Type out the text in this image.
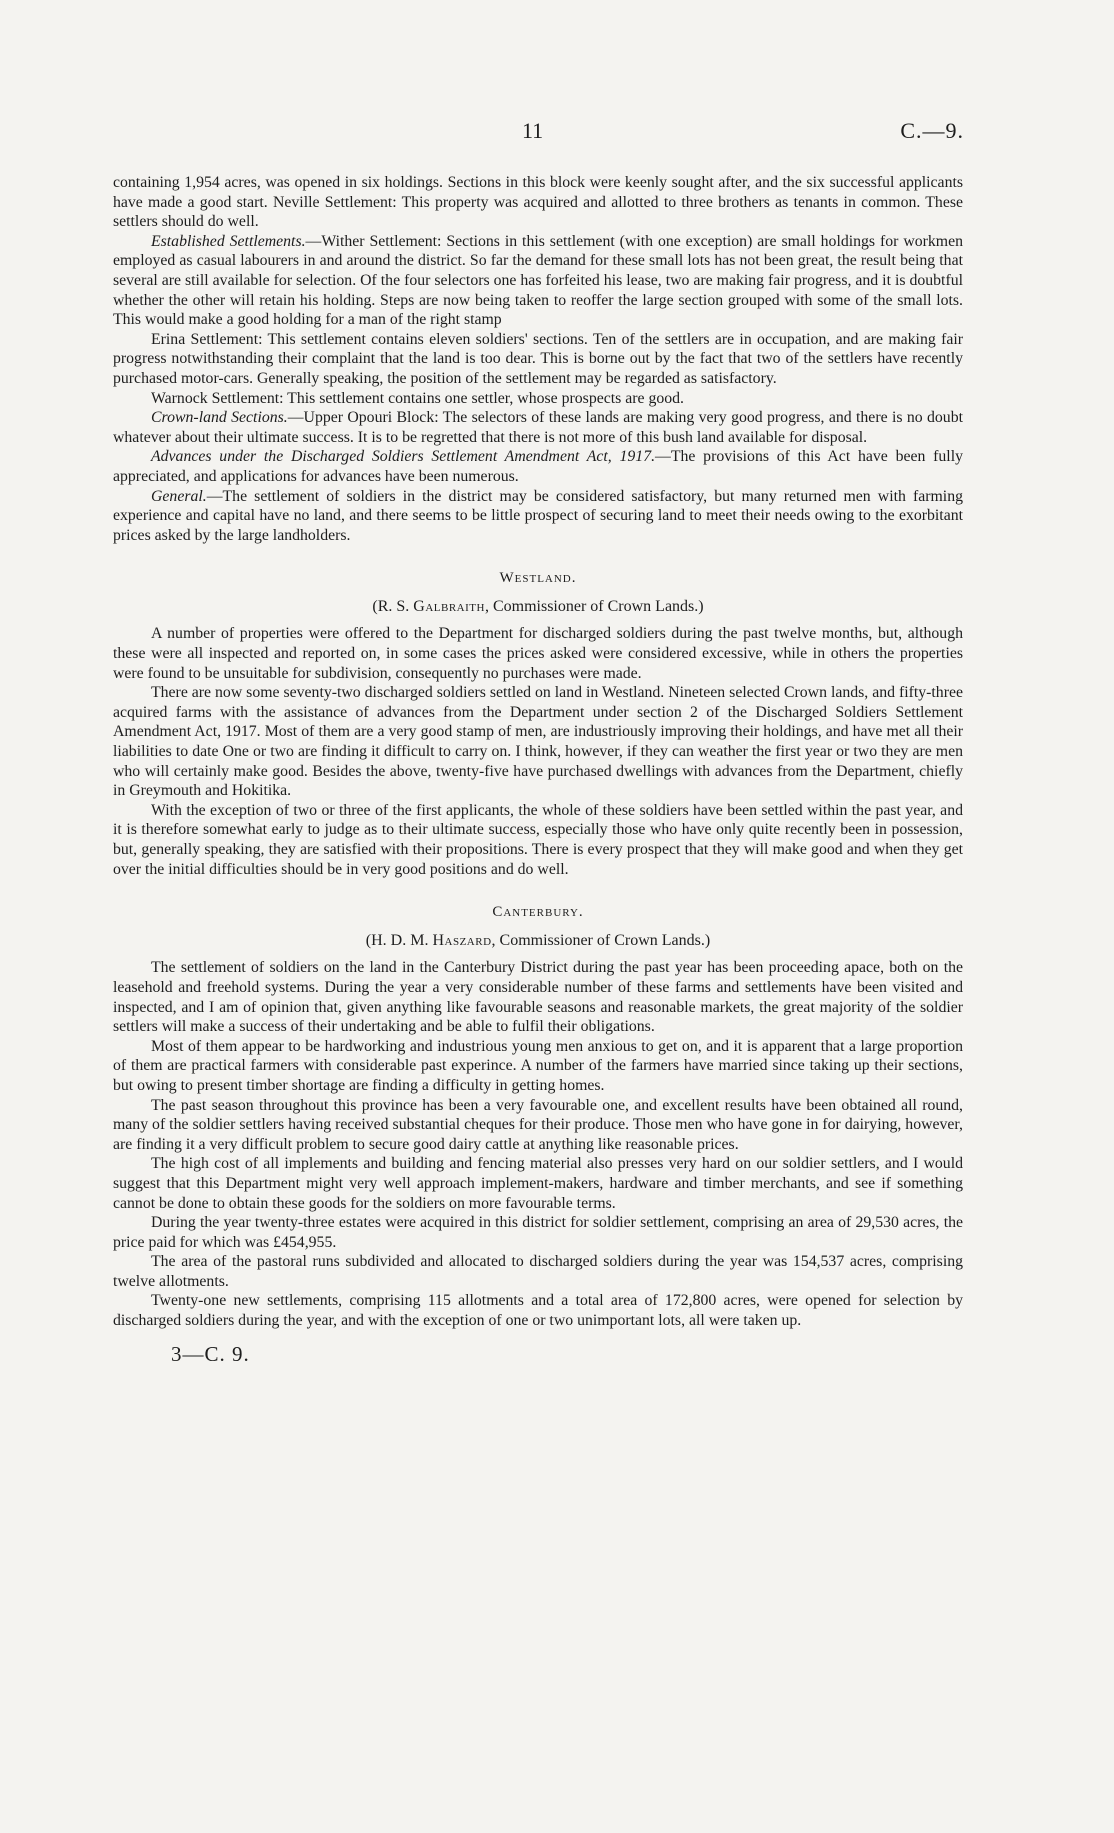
11	C.—9.

containing 1,954 acres, was opened in six holdings. Sections in this block were keenly sought after, and the six successful applicants have made a good start. Neville Settlement: This property was acquired and allotted to three brothers as tenants in common. These settlers should do well.

Established Settlements.—Wither Settlement: Sections in this settlement (with one exception) are small holdings for workmen employed as casual labourers in and around the district. So far the demand for these small lots has not been great, the result being that several are still available for selection. Of the four selectors one has forfeited his lease, two are making fair progress, and it is doubtful whether the other will retain his holding. Steps are now being taken to reoffer the large section grouped with some of the small lots. This would make a good holding for a man of the right stamp

Erina Settlement: This settlement contains eleven soldiers' sections. Ten of the settlers are in occupation, and are making fair progress notwithstanding their complaint that the land is too dear. This is borne out by the fact that two of the settlers have recently purchased motor-cars. Generally speaking, the position of the settlement may be regarded as satisfactory.

Warnock Settlement: This settlement contains one settler, whose prospects are good.

Crown-land Sections.—Upper Opouri Block: The selectors of these lands are making very good progress, and there is no doubt whatever about their ultimate success. It is to be regretted that there is not more of this bush land available for disposal.

Advances under the Discharged Soldiers Settlement Amendment Act, 1917.—The provisions of this Act have been fully appreciated, and applications for advances have been numerous.

General.—The settlement of soldiers in the district may be considered satisfactory, but many returned men with farming experience and capital have no land, and there seems to be little prospect of securing land to meet their needs owing to the exorbitant prices asked by the large landholders.

Westland.
(R. S. Galbraith, Commissioner of Crown Lands.)

A number of properties were offered to the Department for discharged soldiers during the past twelve months, but, although these were all inspected and reported on, in some cases the prices asked were considered excessive, while in others the properties were found to be unsuitable for subdivision, consequently no purchases were made.

There are now some seventy-two discharged soldiers settled on land in Westland. Nineteen selected Crown lands, and fifty-three acquired farms with the assistance of advances from the Department under section 2 of the Discharged Soldiers Settlement Amendment Act, 1917. Most of them are a very good stamp of men, are industriously improving their holdings, and have met all their liabilities to date One or two are finding it difficult to carry on. I think, however, if they can weather the first year or two they are men who will certainly make good. Besides the above, twenty-five have purchased dwellings with advances from the Department, chiefly in Greymouth and Hokitika.

With the exception of two or three of the first applicants, the whole of these soldiers have been settled within the past year, and it is therefore somewhat early to judge as to their ultimate success, especially those who have only quite recently been in possession, but, generally speaking, they are satisfied with their propositions. There is every prospect that they will make good and when they get over the initial difficulties should be in very good positions and do well.

Canterbury.
(H. D. M. Haszard, Commissioner of Crown Lands.)

The settlement of soldiers on the land in the Canterbury District during the past year has been proceeding apace, both on the leasehold and freehold systems. During the year a very considerable number of these farms and settlements have been visited and inspected, and I am of opinion that, given anything like favourable seasons and reasonable markets, the great majority of the soldier settlers will make a success of their undertaking and be able to fulfil their obligations.

Most of them appear to be hardworking and industrious young men anxious to get on, and it is apparent that a large proportion of them are practical farmers with considerable past experince. A number of the farmers have married since taking up their sections, but owing to present timber shortage are finding a difficulty in getting homes.

The past season throughout this province has been a very favourable one, and excellent results have been obtained all round, many of the soldier settlers having received substantial cheques for their produce. Those men who have gone in for dairying, however, are finding it a very difficult problem to secure good dairy cattle at anything like reasonable prices.

The high cost of all implements and building and fencing material also presses very hard on our soldier settlers, and I would suggest that this Department might very well approach implement-makers, hardware and timber merchants, and see if something cannot be done to obtain these goods for the soldiers on more favourable terms.

During the year twenty-three estates were acquired in this district for soldier settlement, comprising an area of 29,530 acres, the price paid for which was £454,955.

The area of the pastoral runs subdivided and allocated to discharged soldiers during the year was 154,537 acres, comprising twelve allotments.

Twenty-one new settlements, comprising 115 allotments and a total area of 172,800 acres, were opened for selection by discharged soldiers during the year, and with the exception of one or two unimportant lots, all were taken up.

3—C. 9.
